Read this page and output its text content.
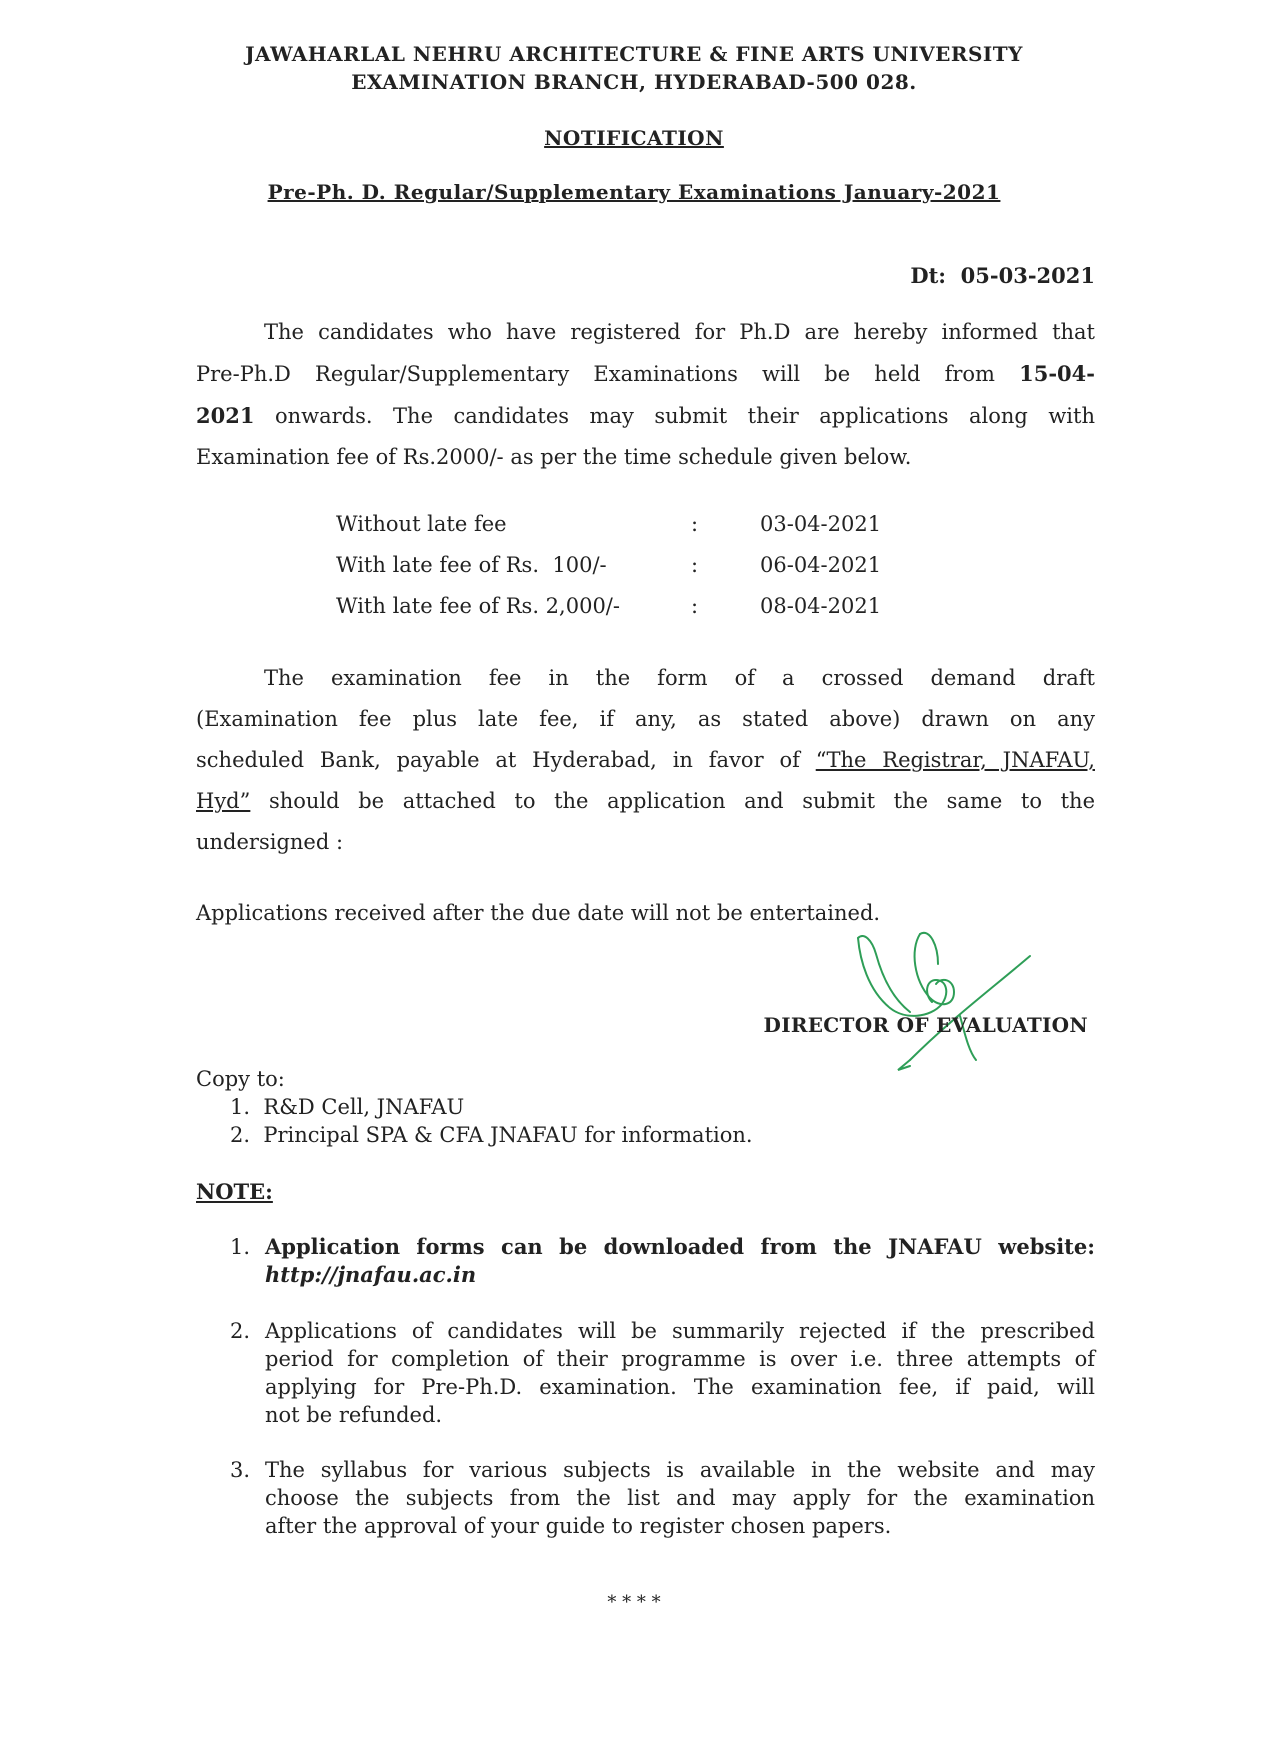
JAWAHARLAL NEHRU ARCHITECTURE & FINE ARTS UNIVERSITY
EXAMINATION BRANCH, HYDERABAD-500 028.
NOTIFICATION
Pre-Ph. D. Regular/Supplementary Examinations January-2021
Dt: 05-03-2021
The candidates who have registered for Ph.D are hereby informed that
Pre-Ph.D Regular/Supplementary Examinations will be held from 15-04-
2021 onwards. The candidates may submit their applications along with
Examination fee of Rs.2000/- as per the time schedule given below.
Without late fee	:	03-04-2021
With late fee of Rs.  100/-	:	06-04-2021
With late fee of Rs. 2,000/-	:	08-04-2021
The examination fee in the form of a crossed demand draft
(Examination fee plus late fee, if any, as stated above) drawn on any
scheduled Bank, payable at Hyderabad, in favor of “The Registrar, JNAFAU,
Hyd” should be attached to the application and submit the same to the
undersigned :
Applications received after the due date will not be entertained.
DIRECTOR OF EVALUATION
Copy to:
1.  R&D Cell, JNAFAU
2.  Principal SPA & CFA JNAFAU for information.
NOTE:
1. Application forms can be downloaded from the JNAFAU website:
http://jnafau.ac.in
2. Applications of candidates will be summarily rejected if the prescribed
period for completion of their programme is over i.e. three attempts of
applying for Pre-Ph.D. examination. The examination fee, if paid, will
not be refunded.
3. The syllabus for various subjects is available in the website and may
choose the subjects from the list and may apply for the examination
after the approval of your guide to register chosen papers.
* * * *
